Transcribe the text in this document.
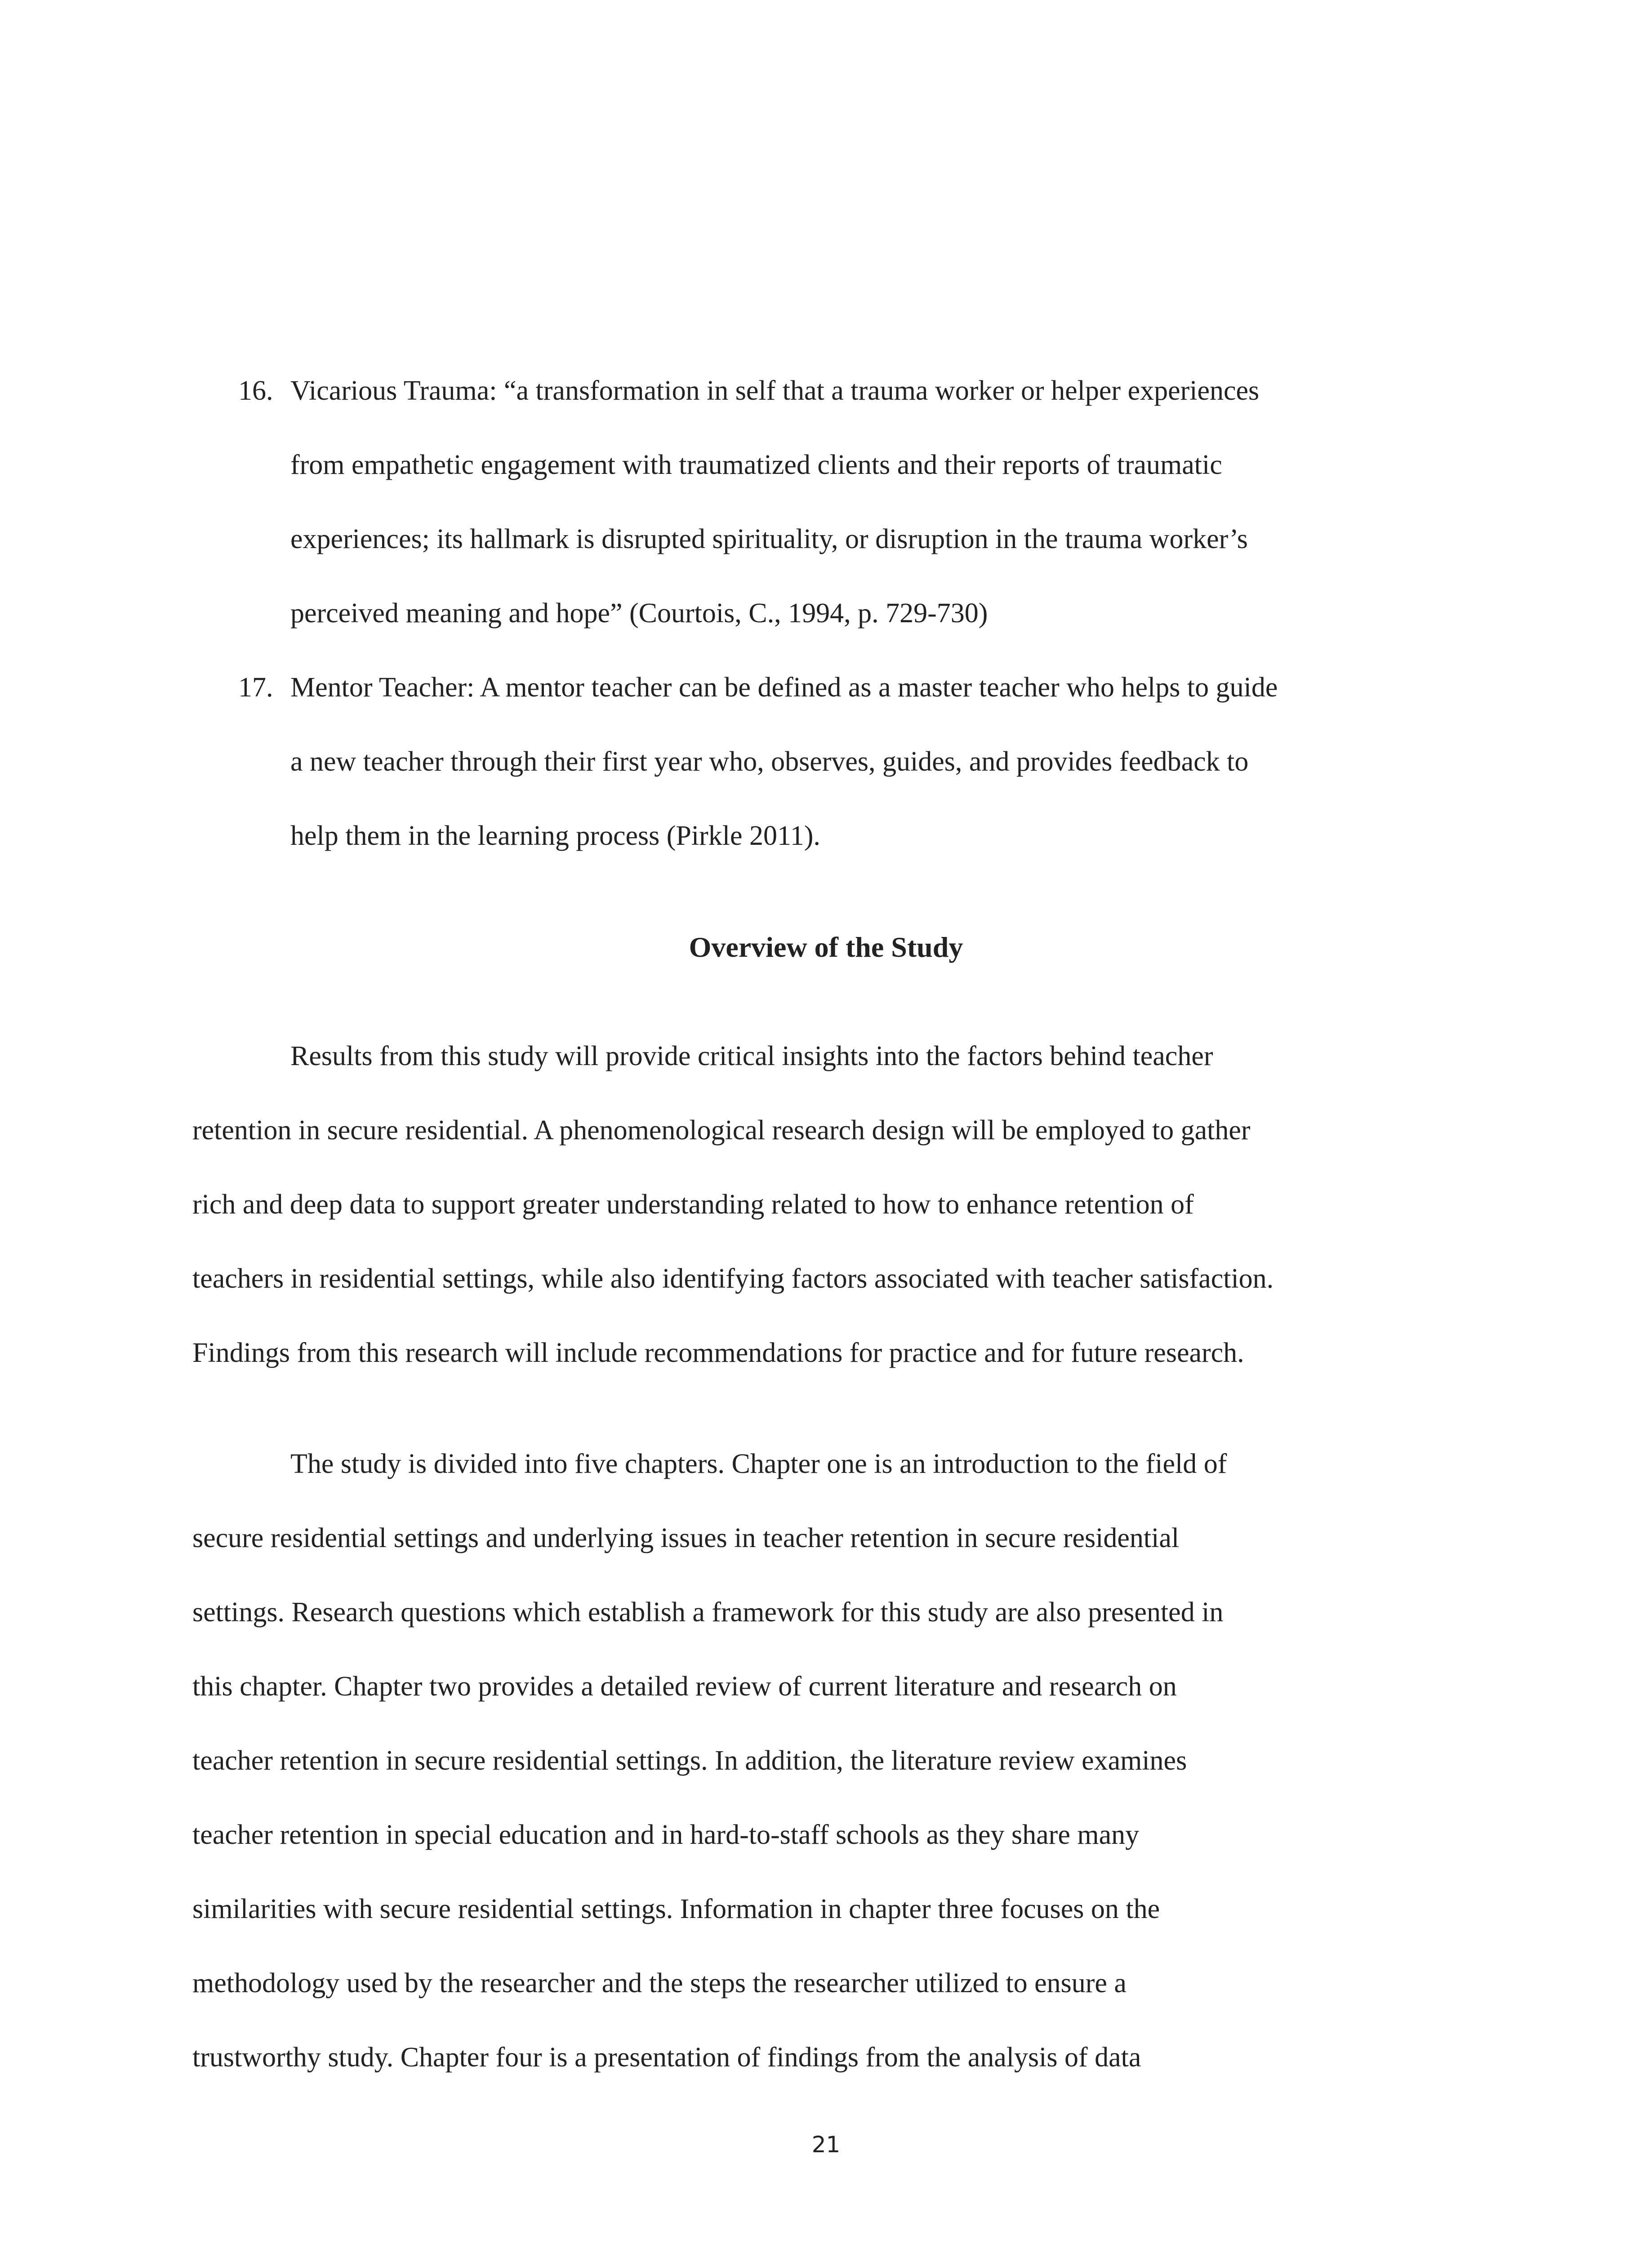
16. Vicarious Trauma: “a transformation in self that a trauma worker or helper experiences
from empathetic engagement with traumatized clients and their reports of traumatic
experiences; its hallmark is disrupted spirituality, or disruption in the trauma worker’s
perceived meaning and hope” (Courtois, C., 1994, p. 729-730)
17. Mentor Teacher: A mentor teacher can be defined as a master teacher who helps to guide
a new teacher through their first year who, observes, guides, and provides feedback to
help them in the learning process (Pirkle 2011).
Overview of the Study
Results from this study will provide critical insights into the factors behind teacher
retention in secure residential. A phenomenological research design will be employed to gather
rich and deep data to support greater understanding related to how to enhance retention of
teachers in residential settings, while also identifying factors associated with teacher satisfaction.
Findings from this research will include recommendations for practice and for future research.
The study is divided into five chapters. Chapter one is an introduction to the field of
secure residential settings and underlying issues in teacher retention in secure residential
settings. Research questions which establish a framework for this study are also presented in
this chapter. Chapter two provides a detailed review of current literature and research on
teacher retention in secure residential settings. In addition, the literature review examines
teacher retention in special education and in hard-to-staff schools as they share many
similarities with secure residential settings. Information in chapter three focuses on the
methodology used by the researcher and the steps the researcher utilized to ensure a
trustworthy study. Chapter four is a presentation of findings from the analysis of data
21
